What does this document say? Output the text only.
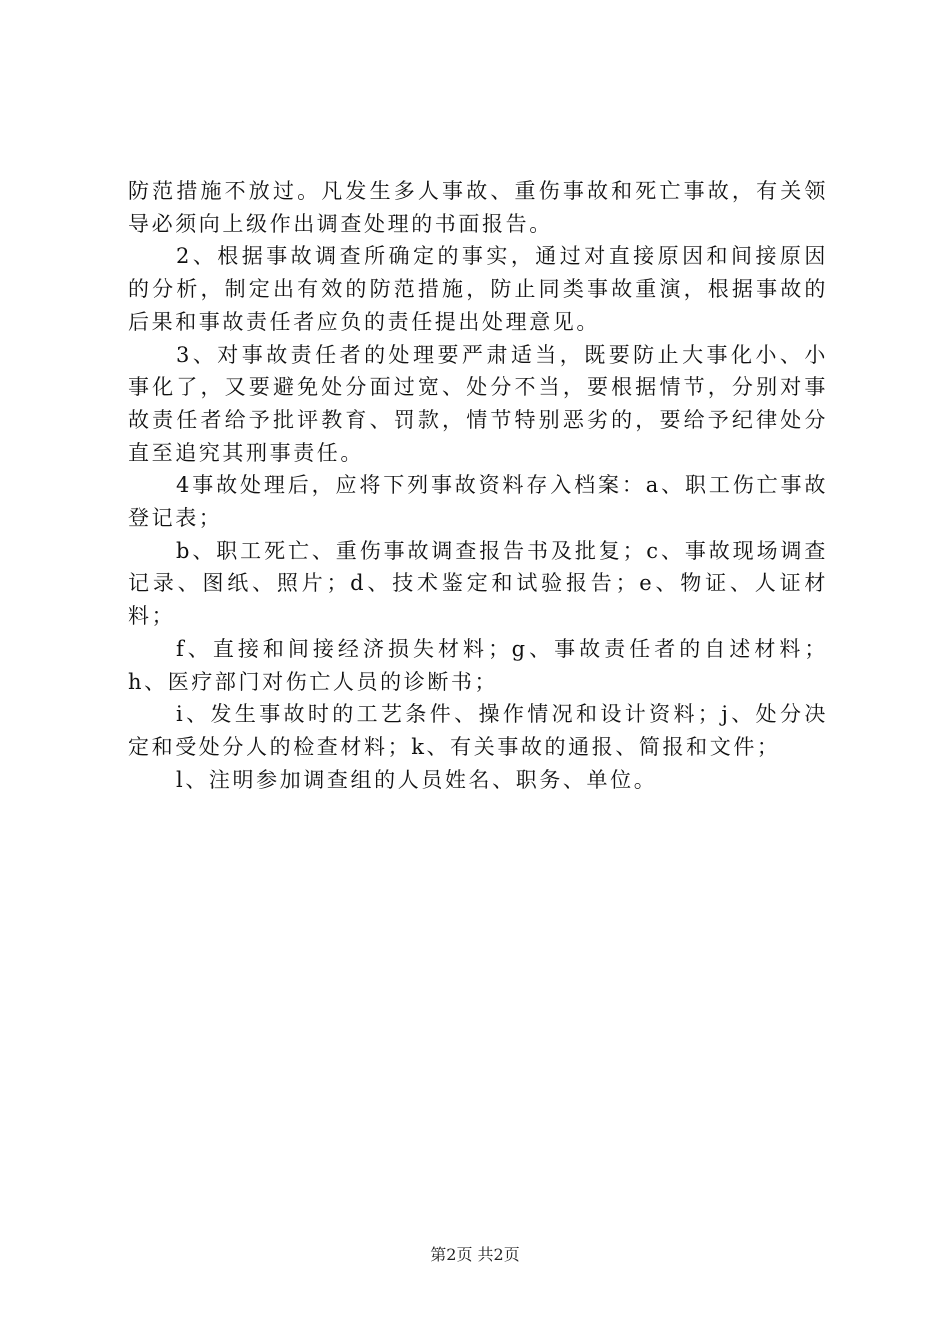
防范措施不放过。凡发生多人事故、重伤事故和死亡事故，有关领导必须向上级作出调查处理的书面报告。

2、根据事故调查所确定的事实，通过对直接原因和间接原因的分析，制定出有效的防范措施，防止同类事故重演，根据事故的后果和事故责任者应负的责任提出处理意见。

3、对事故责任者的处理要严肃适当，既要防止大事化小、小事化了，又要避免处分面过宽、处分不当，要根据情节，分别对事故责任者给予批评教育、罚款，情节特别恶劣的，要给予纪律处分直至追究其刑事责任。

4事故处理后，应将下列事故资料存入档案：a、职工伤亡事故登记表；

b、职工死亡、重伤事故调查报告书及批复；c、事故现场调查记录、图纸、照片；d、技术鉴定和试验报告；e、物证、人证材料；

f、直接和间接经济损失材料；g、事故责任者的自述材料；h、医疗部门对伤亡人员的诊断书；

i、发生事故时的工艺条件、操作情况和设计资料；j、处分决定和受处分人的检查材料；k、有关事故的通报、简报和文件；

l、注明参加调查组的人员姓名、职务、单位。

第2页 共2页
